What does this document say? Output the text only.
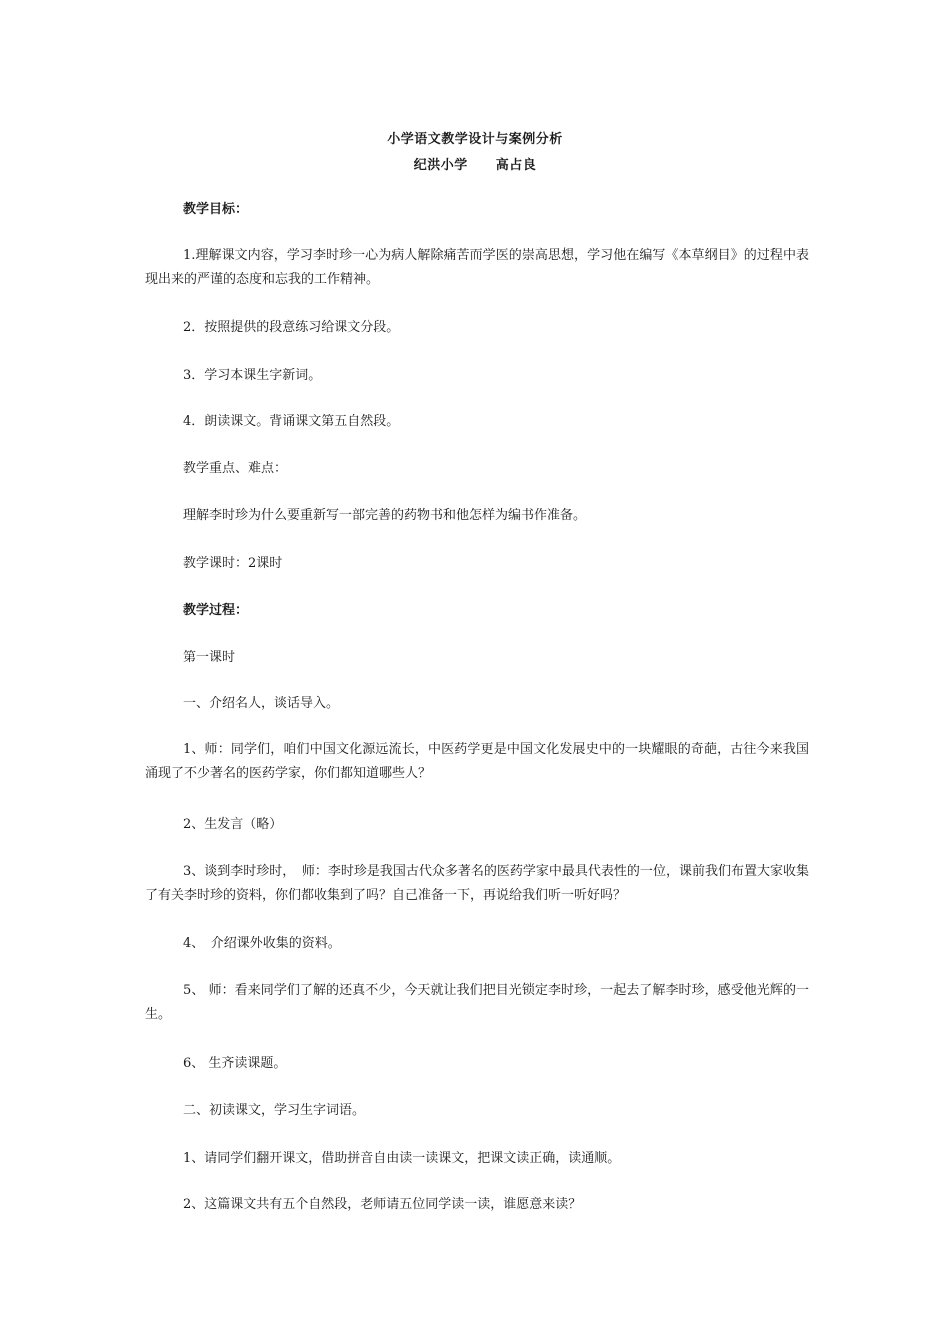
小学语文教学设计与案例分析
纪洪小学 高占良

教学目标：

1.理解课文内容，学习李时珍一心为病人解除痛苦而学医的崇高思想，学习他在编写《本草纲目》的过程中表现出来的严谨的态度和忘我的工作精神。

2．按照提供的段意练习给课文分段。

3．学习本课生字新词。

4．朗读课文。背诵课文第五自然段。

教学重点、难点：

理解李时珍为什么要重新写一部完善的药物书和他怎样为编书作准备。

教学课时：2课时

教学过程：

第一课时

一、介绍名人，谈话导入。

1、师：同学们，咱们中国文化源远流长，中医药学更是中国文化发展史中的一块耀眼的奇葩，古往今来我国涌现了不少著名的医药学家，你们都知道哪些人？

2、生发言（略）

3、谈到李时珍时，　师：李时珍是我国古代众多著名的医药学家中最具代表性的一位，课前我们布置大家收集了有关李时珍的资料，你们都收集到了吗？自己准备一下，再说给我们听一听好吗？

4、　介绍课外收集的资料。

5、 师：看来同学们了解的还真不少，今天就让我们把目光锁定李时珍，一起去了解李时珍，感受他光辉的一生。

6、 生齐读课题。

二、初读课文，学习生字词语。

1、请同学们翻开课文，借助拼音自由读一读课文，把课文读正确，读通顺。

2、这篇课文共有五个自然段，老师请五位同学读一读，谁愿意来读？
